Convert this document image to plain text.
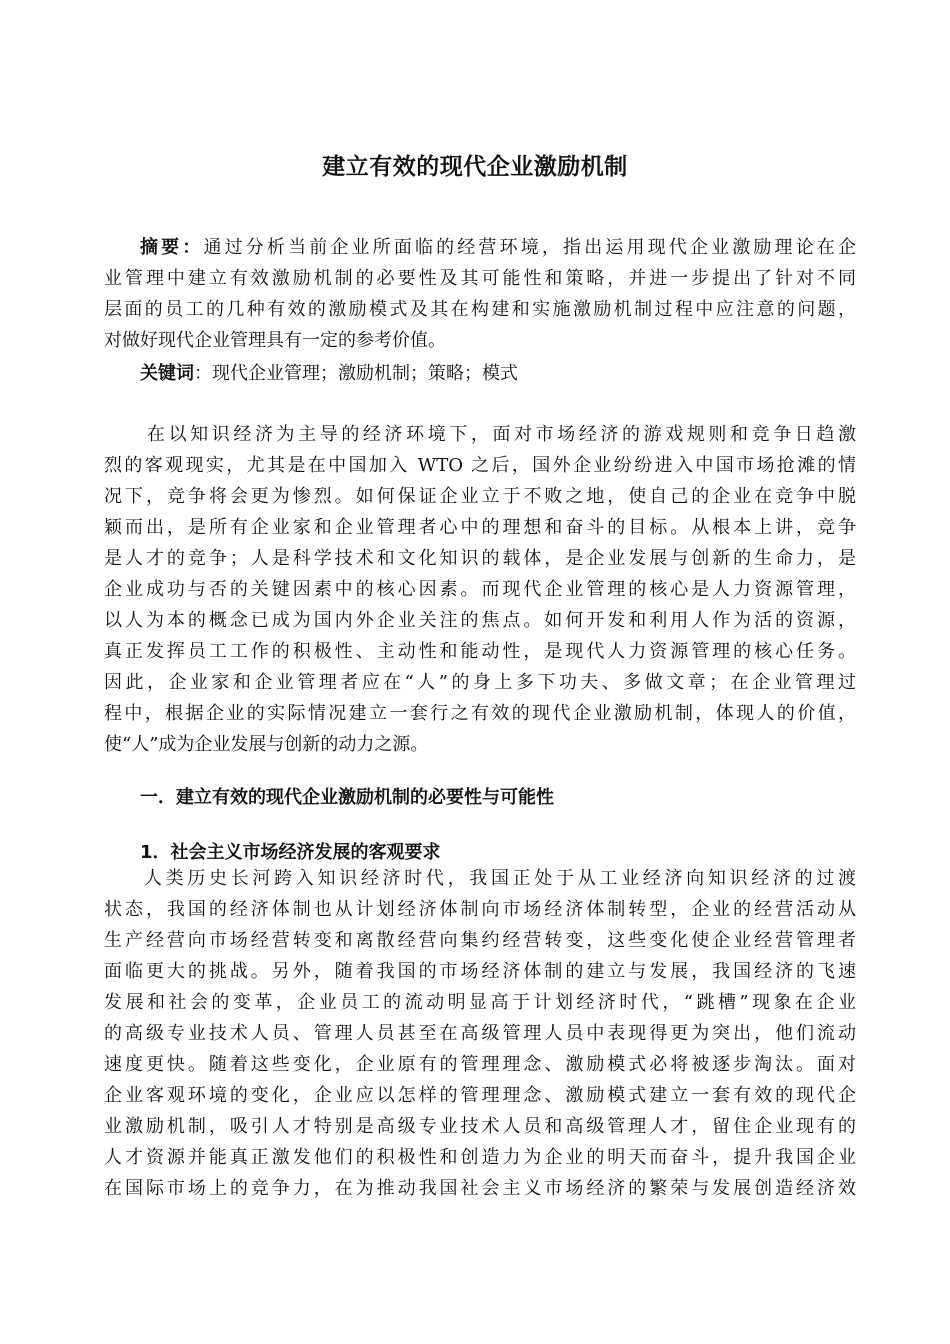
建立有效的现代企业激励机制
摘要：通过分析当前企业所面临的经营环境，指出运用现代企业激励理论在企
业管理中建立有效激励机制的必要性及其可能性和策略，并进一步提出了针对不同
层面的员工的几种有效的激励模式及其在构建和实施激励机制过程中应注意的问题，
对做好现代企业管理具有一定的参考价值。
关键词：现代企业管理；激励机制；策略；模式
在以知识经济为主导的经济环境下，面对市场经济的游戏规则和竞争日趋激
烈的客观现实，尤其是在中国加入 WTO 之后，国外企业纷纷进入中国市场抢滩的情
况下，竞争将会更为惨烈。如何保证企业立于不败之地，使自己的企业在竞争中脱
颖而出，是所有企业家和企业管理者心中的理想和奋斗的目标。从根本上讲，竞争
是人才的竞争；人是科学技术和文化知识的载体，是企业发展与创新的生命力，是
企业成功与否的关键因素中的核心因素。而现代企业管理的核心是人力资源管理，
以人为本的概念已成为国内外企业关注的焦点。如何开发和利用人作为活的资源，
真正发挥员工工作的积极性、主动性和能动性，是现代人力资源管理的核心任务。
因此，企业家和企业管理者应在“人”的身上多下功夫、多做文章；在企业管理过
程中，根据企业的实际情况建立一套行之有效的现代企业激励机制，体现人的价值，
使“人”成为企业发展与创新的动力之源。
一．建立有效的现代企业激励机制的必要性与可能性
1．社会主义市场经济发展的客观要求
人类历史长河跨入知识经济时代，我国正处于从工业经济向知识经济的过渡
状态，我国的经济体制也从计划经济体制向市场经济体制转型，企业的经营活动从
生产经营向市场经营转变和离散经营向集约经营转变，这些变化使企业经营管理者
面临更大的挑战。另外，随着我国的市场经济体制的建立与发展，我国经济的飞速
发展和社会的变革，企业员工的流动明显高于计划经济时代，“跳槽”现象在企业
的高级专业技术人员、管理人员甚至在高级管理人员中表现得更为突出，他们流动
速度更快。随着这些变化，企业原有的管理理念、激励模式必将被逐步淘汰。面对
企业客观环境的变化，企业应以怎样的管理理念、激励模式建立一套有效的现代企
业激励机制，吸引人才特别是高级专业技术人员和高级管理人才，留住企业现有的
人才资源并能真正激发他们的积极性和创造力为企业的明天而奋斗，提升我国企业
在国际市场上的竞争力，在为推动我国社会主义市场经济的繁荣与发展创造经济效
